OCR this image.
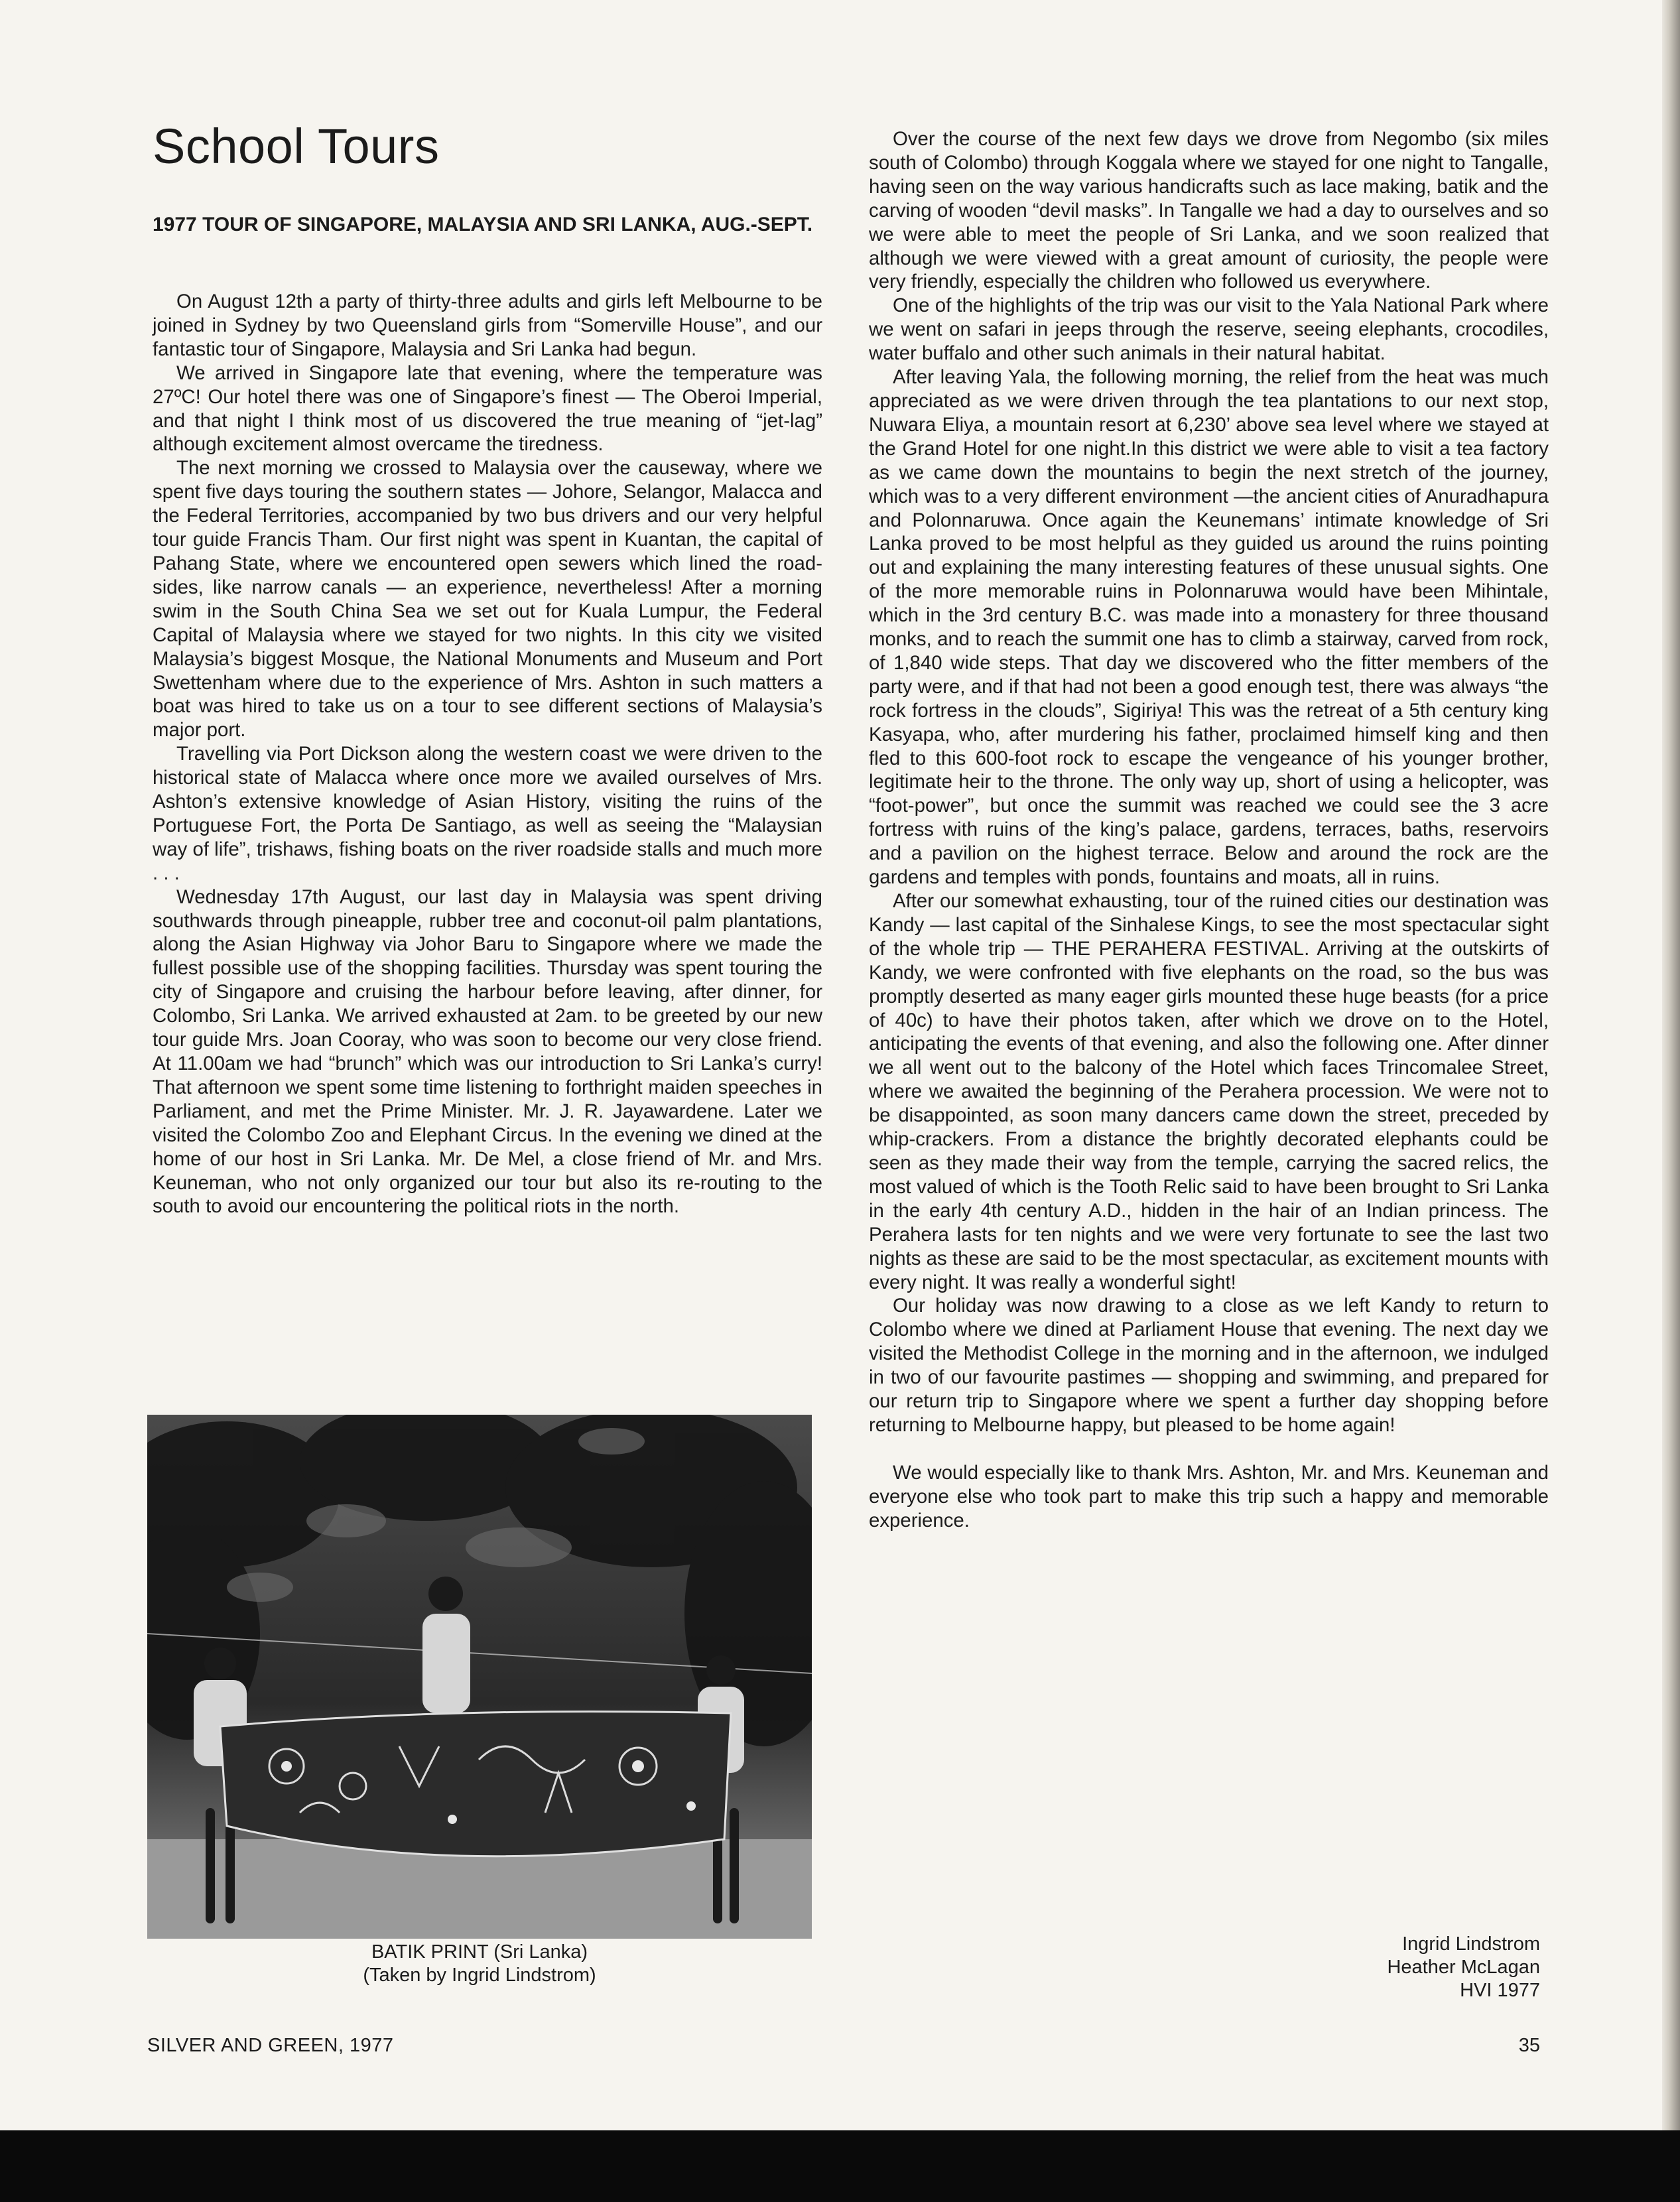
School Tours
1977 TOUR OF SINGAPORE, MALAYSIA AND SRI LANKA, AUG.-SEPT.

On August 12th a party of thirty-three adults and girls left Melbourne to be joined in Sydney by two Queensland girls from “Somerville House”, and our fantastic tour of Singapore, Malaysia and Sri Lanka had begun.

We arrived in Singapore late that evening, where the temperature was 27ºC! Our hotel there was one of Singapore’s finest — The Oberoi Imperial, and that night I think most of us discovered the true meaning of “jet-lag” although excitement almost overcame the tiredness.

The next morning we crossed to Malaysia over the causeway, where we spent five days touring the southern states — Johore, Selangor, Malacca and the Federal Territories, accompanied by two bus drivers and our very helpful tour guide Francis Tham. Our first night was spent in Kuantan, the capital of Pahang State, where we encountered open sewers which lined the road-sides, like narrow canals — an experience, nevertheless! After a morning swim in the South China Sea we set out for Kuala Lumpur, the Federal Capital of Malaysia where we stayed for two nights. In this city we visited Malaysia’s biggest Mosque, the National Monuments and Museum and Port Swettenham where due to the experience of Mrs. Ashton in such matters a boat was hired to take us on a tour to see different sections of Malaysia’s major port.

Travelling via Port Dickson along the western coast we were driven to the historical state of Malacca where once more we availed ourselves of Mrs. Ashton’s extensive knowledge of Asian History, visiting the ruins of the Portuguese Fort, the Porta De Santiago, as well as seeing the “Malaysian way of life”, trishaws, fishing boats on the river roadside stalls and much more . . .

Wednesday 17th August, our last day in Malaysia was spent driving southwards through pineapple, rubber tree and coconut-oil palm plantations, along the Asian Highway via Johor Baru to Singapore where we made the fullest possible use of the shopping facilities. Thursday was spent touring the city of Singapore and cruising the harbour before leaving, after dinner, for Colombo, Sri Lanka. We arrived exhausted at 2am. to be greeted by our new tour guide Mrs. Joan Cooray, who was soon to become our very close friend. At 11.00am we had “brunch” which was our introduction to Sri Lanka’s curry! That afternoon we spent some time listening to forthright maiden speeches in Parliament, and met the Prime Minister. Mr. J. R. Jayawardene. Later we visited the Colombo Zoo and Elephant Circus. In the evening we dined at the home of our host in Sri Lanka. Mr. De Mel, a close friend of Mr. and Mrs. Keuneman, who not only organized our tour but also its re-routing to the south to avoid our encountering the political riots in the north.

Over the course of the next few days we drove from Negombo (six miles south of Colombo) through Koggala where we stayed for one night to Tangalle, having seen on the way various handicrafts such as lace making, batik and the carving of wooden “devil masks”. In Tangalle we had a day to ourselves and so we were able to meet the people of Sri Lanka, and we soon realized that although we were viewed with a great amount of curiosity, the people were very friendly, especially the children who followed us everywhere.

One of the highlights of the trip was our visit to the Yala National Park where we went on safari in jeeps through the reserve, seeing elephants, crocodiles, water buffalo and other such animals in their natural habitat.

After leaving Yala, the following morning, the relief from the heat was much appreciated as we were driven through the tea plantations to our next stop, Nuwara Eliya, a mountain resort at 6,230’ above sea level where we stayed at the Grand Hotel for one night.In this district we were able to visit a tea factory as we came down the mountains to begin the next stretch of the journey, which was to a very different environment —the ancient cities of Anuradhapura and Polonnaruwa. Once again the Keunemans’ intimate knowledge of Sri Lanka proved to be most helpful as they guided us around the ruins pointing out and explaining the many interesting features of these unusual sights. One of the more memorable ruins in Polonnaruwa would have been Mihintale, which in the 3rd century B.C. was made into a monastery for three thousand monks, and to reach the summit one has to climb a stairway, carved from rock, of 1,840 wide steps. That day we discovered who the fitter members of the party were, and if that had not been a good enough test, there was always “the rock fortress in the clouds”, Sigiriya! This was the retreat of a 5th century king Kasyapa, who, after murdering his father, proclaimed himself king and then fled to this 600-foot rock to escape the vengeance of his younger brother, legitimate heir to the throne. The only way up, short of using a helicopter, was “foot-power”, but once the summit was reached we could see the 3 acre fortress with ruins of the king’s palace, gardens, terraces, baths, reservoirs and a pavilion on the highest terrace. Below and around the rock are the gardens and temples with ponds, fountains and moats, all in ruins.

After our somewhat exhausting, tour of the ruined cities our destination was Kandy — last capital of the Sinhalese Kings, to see the most spectacular sight of the whole trip — THE PERAHERA FESTIVAL. Arriving at the outskirts of Kandy, we were confronted with five elephants on the road, so the bus was promptly deserted as many eager girls mounted these huge beasts (for a price of 40c) to have their photos taken, after which we drove on to the Hotel, anticipating the events of that evening, and also the following one. After dinner we all went out to the balcony of the Hotel which faces Trincomalee Street, where we awaited the beginning of the Perahera procession. We were not to be disappointed, as soon many dancers came down the street, preceded by whip-crackers. From a distance the brightly decorated elephants could be seen as they made their way from the temple, carrying the sacred relics, the most valued of which is the Tooth Relic said to have been brought to Sri Lanka in the early 4th century A.D., hidden in the hair of an Indian princess. The Perahera lasts for ten nights and we were very fortunate to see the last two nights as these are said to be the most spectacular, as excitement mounts with every night. It was really a wonderful sight!

Our holiday was now drawing to a close as we left Kandy to return to Colombo where we dined at Parliament House that evening. The next day we visited the Methodist College in the morning and in the afternoon, we indulged in two of our favourite pastimes — shopping and swimming, and prepared for our return trip to Singapore where we spent a further day shopping before returning to Melbourne happy, but pleased to be home again!

We would especially like to thank Mrs. Ashton, Mr. and Mrs. Keuneman and everyone else who took part to make this trip such a happy and memorable experience.

BATIK PRINT (Sri Lanka)
(Taken by Ingrid Lindstrom)
Ingrid Lindstrom
Heather McLagan
HVI 1977
SILVER AND GREEN, 1977	35
